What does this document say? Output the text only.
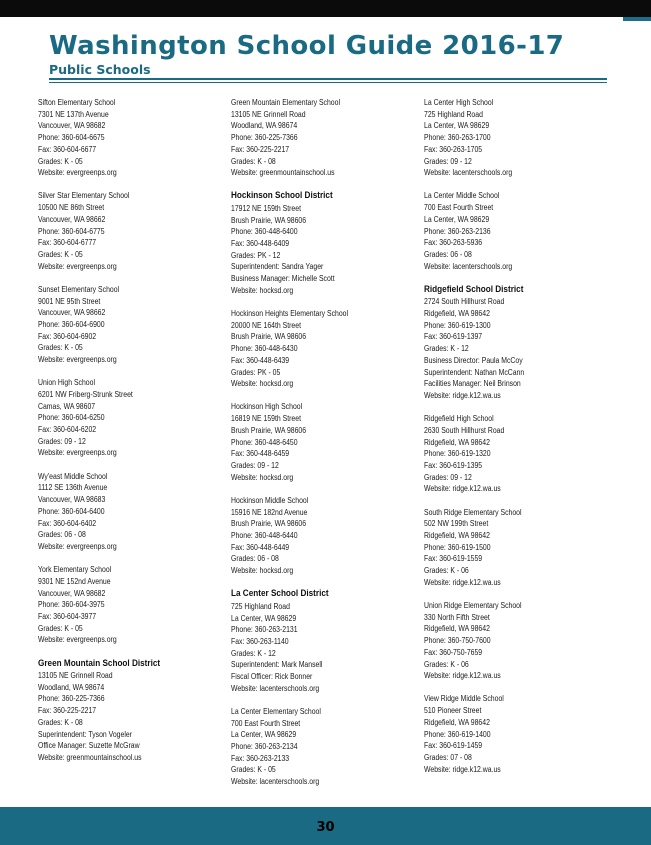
Washington School Guide 2016-17
Public Schools
Sifton Elementary School
7301 NE 137th Avenue
Vancouver, WA 98682
Phone: 360-604-6675
Fax: 360-604-6677
Grades: K - 05
Website: evergreenps.org
Silver Star Elementary School
10500 NE 86th Street
Vancouver, WA 98662
Phone: 360-604-6775
Fax: 360-604-6777
Grades: K - 05
Website: evergreenps.org
Sunset Elementary School
9001 NE 95th Street
Vancouver, WA 98662
Phone: 360-604-6900
Fax: 360-604-6902
Grades: K - 05
Website: evergreenps.org
Union High School
6201 NW Friberg-Strunk Street
Camas, WA 98607
Phone: 360-604-6250
Fax: 360-604-6202
Grades: 09 - 12
Website: evergreenps.org
Wy'east Middle School
1112 SE 136th Avenue
Vancouver, WA 98683
Phone: 360-604-6400
Fax: 360-604-6402
Grades: 06 - 08
Website: evergreenps.org
York Elementary School
9301 NE 152nd Avenue
Vancouver, WA 98682
Phone: 360-604-3975
Fax: 360-604-3977
Grades: K - 05
Website: evergreenps.org
Green Mountain School District
13105 NE Grinnell Road
Woodland, WA 98674
Phone: 360-225-7366
Fax: 360-225-2217
Grades: K - 08
Superintendent: Tyson Vogeler
Office Manager: Suzette McGraw
Website: greenmountainschool.us
Green Mountain Elementary School
13105 NE Grinnell Road
Woodland, WA 98674
Phone: 360-225-7366
Fax: 360-225-2217
Grades: K - 08
Website: greenmountainschool.us
Hockinson School District
17912 NE 159th Street
Brush Prairie, WA 98606
Phone: 360-448-6400
Fax: 360-448-6409
Grades: PK - 12
Superintendent: Sandra Yager
Business Manager: Michelle Scott
Website: hocksd.org
Hockinson Heights Elementary School
20000 NE 164th Street
Brush Prairie, WA 98606
Phone: 360-448-6430
Fax: 360-448-6439
Grades: PK - 05
Website: hocksd.org
Hockinson High School
16819 NE 159th Street
Brush Prairie, WA 98606
Phone: 360-448-6450
Fax: 360-448-6459
Grades: 09 - 12
Website: hocksd.org
Hockinson Middle School
15916 NE 182nd Avenue
Brush Prairie, WA 98606
Phone: 360-448-6440
Fax: 360-448-6449
Grades: 06 - 08
Website: hocksd.org
La Center School District
725 Highland Road
La Center, WA 98629
Phone: 360-263-2131
Fax: 360-263-1140
Grades: K - 12
Superintendent: Mark Mansell
Fiscal Officer: Rick Bonner
Website: lacenterschools.org
La Center Elementary School
700 East Fourth Street
La Center, WA 98629
Phone: 360-263-2134
Fax: 360-263-2133
Grades: K - 05
Website: lacenterschools.org
La Center High School
725 Highland Road
La Center, WA 98629
Phone: 360-263-1700
Fax: 360-263-1705
Grades: 09 - 12
Website: lacenterschools.org
La Center Middle School
700 East Fourth Street
La Center, WA 98629
Phone: 360-263-2136
Fax: 360-263-5936
Grades: 06 - 08
Website: lacenterschools.org
Ridgefield School District
2724 South Hillhurst Road
Ridgefield, WA 98642
Phone: 360-619-1300
Fax: 360-619-1397
Grades: K - 12
Business Director: Paula McCoy
Superintendent: Nathan McCann
Facilities Manager: Neil Brinson
Website: ridge.k12.wa.us
Ridgefield High School
2630 South Hillhurst Road
Ridgefield, WA 98642
Phone: 360-619-1320
Fax: 360-619-1395
Grades: 09 - 12
Website: ridge.k12.wa.us
South Ridge Elementary School
502 NW 199th Street
Ridgefield, WA 98642
Phone: 360-619-1500
Fax: 360-619-1559
Grades: K - 06
Website: ridge.k12.wa.us
Union Ridge Elementary School
330 North Fifth Street
Ridgefield, WA 98642
Phone: 360-750-7600
Fax: 360-750-7659
Grades: K - 06
Website: ridge.k12.wa.us
View Ridge Middle School
510 Pioneer Street
Ridgefield, WA 98642
Phone: 360-619-1400
Fax: 360-619-1459
Grades: 07 - 08
Website: ridge.k12.wa.us
30
